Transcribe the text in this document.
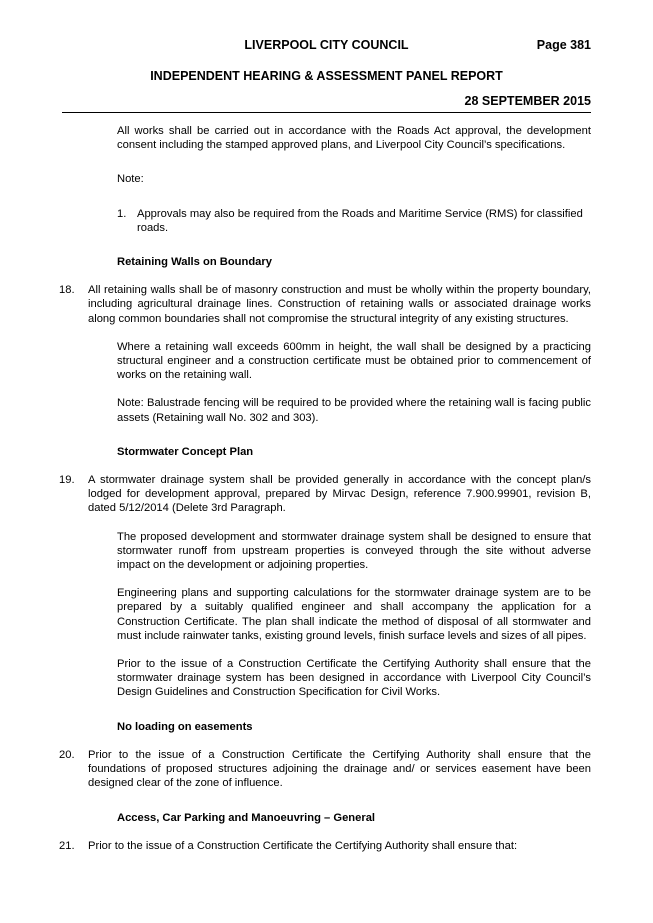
LIVERPOOL CITY COUNCIL	Page 381
INDEPENDENT HEARING & ASSESSMENT PANEL REPORT
28 SEPTEMBER 2015

All works shall be carried out in accordance with the Roads Act approval, the development consent including the stamped approved plans, and Liverpool City Council’s specifications.

Note:

1. Approvals may also be required from the Roads and Maritime Service (RMS) for classified roads.

Retaining Walls on Boundary

18. All retaining walls shall be of masonry construction and must be wholly within the property boundary, including agricultural drainage lines. Construction of retaining walls or associated drainage works along common boundaries shall not compromise the structural integrity of any existing structures.

Where a retaining wall exceeds 600mm in height, the wall shall be designed by a practicing structural engineer and a construction certificate must be obtained prior to commencement of works on the retaining wall.

Note: Balustrade fencing will be required to be provided where the retaining wall is facing public assets (Retaining wall No. 302 and 303).

Stormwater Concept Plan

19. A stormwater drainage system shall be provided generally in accordance with the concept plan/s lodged for development approval, prepared by Mirvac Design, reference 7.900.99901, revision B, dated 5/12/2014 (Delete 3rd Paragraph.

The proposed development and stormwater drainage system shall be designed to ensure that stormwater runoff from upstream properties is conveyed through the site without adverse impact on the development or adjoining properties.

Engineering plans and supporting calculations for the stormwater drainage system are to be prepared by a suitably qualified engineer and shall accompany the application for a Construction Certificate. The plan shall indicate the method of disposal of all stormwater and must include rainwater tanks, existing ground levels, finish surface levels and sizes of all pipes.

Prior to the issue of a Construction Certificate the Certifying Authority shall ensure that the stormwater drainage system has been designed in accordance with Liverpool City Council’s Design Guidelines and Construction Specification for Civil Works.

No loading on easements

20. Prior to the issue of a Construction Certificate the Certifying Authority shall ensure that the foundations of proposed structures adjoining the drainage and/ or services easement have been designed clear of the zone of influence.

Access, Car Parking and Manoeuvring – General

21. Prior to the issue of a Construction Certificate the Certifying Authority shall ensure that:
